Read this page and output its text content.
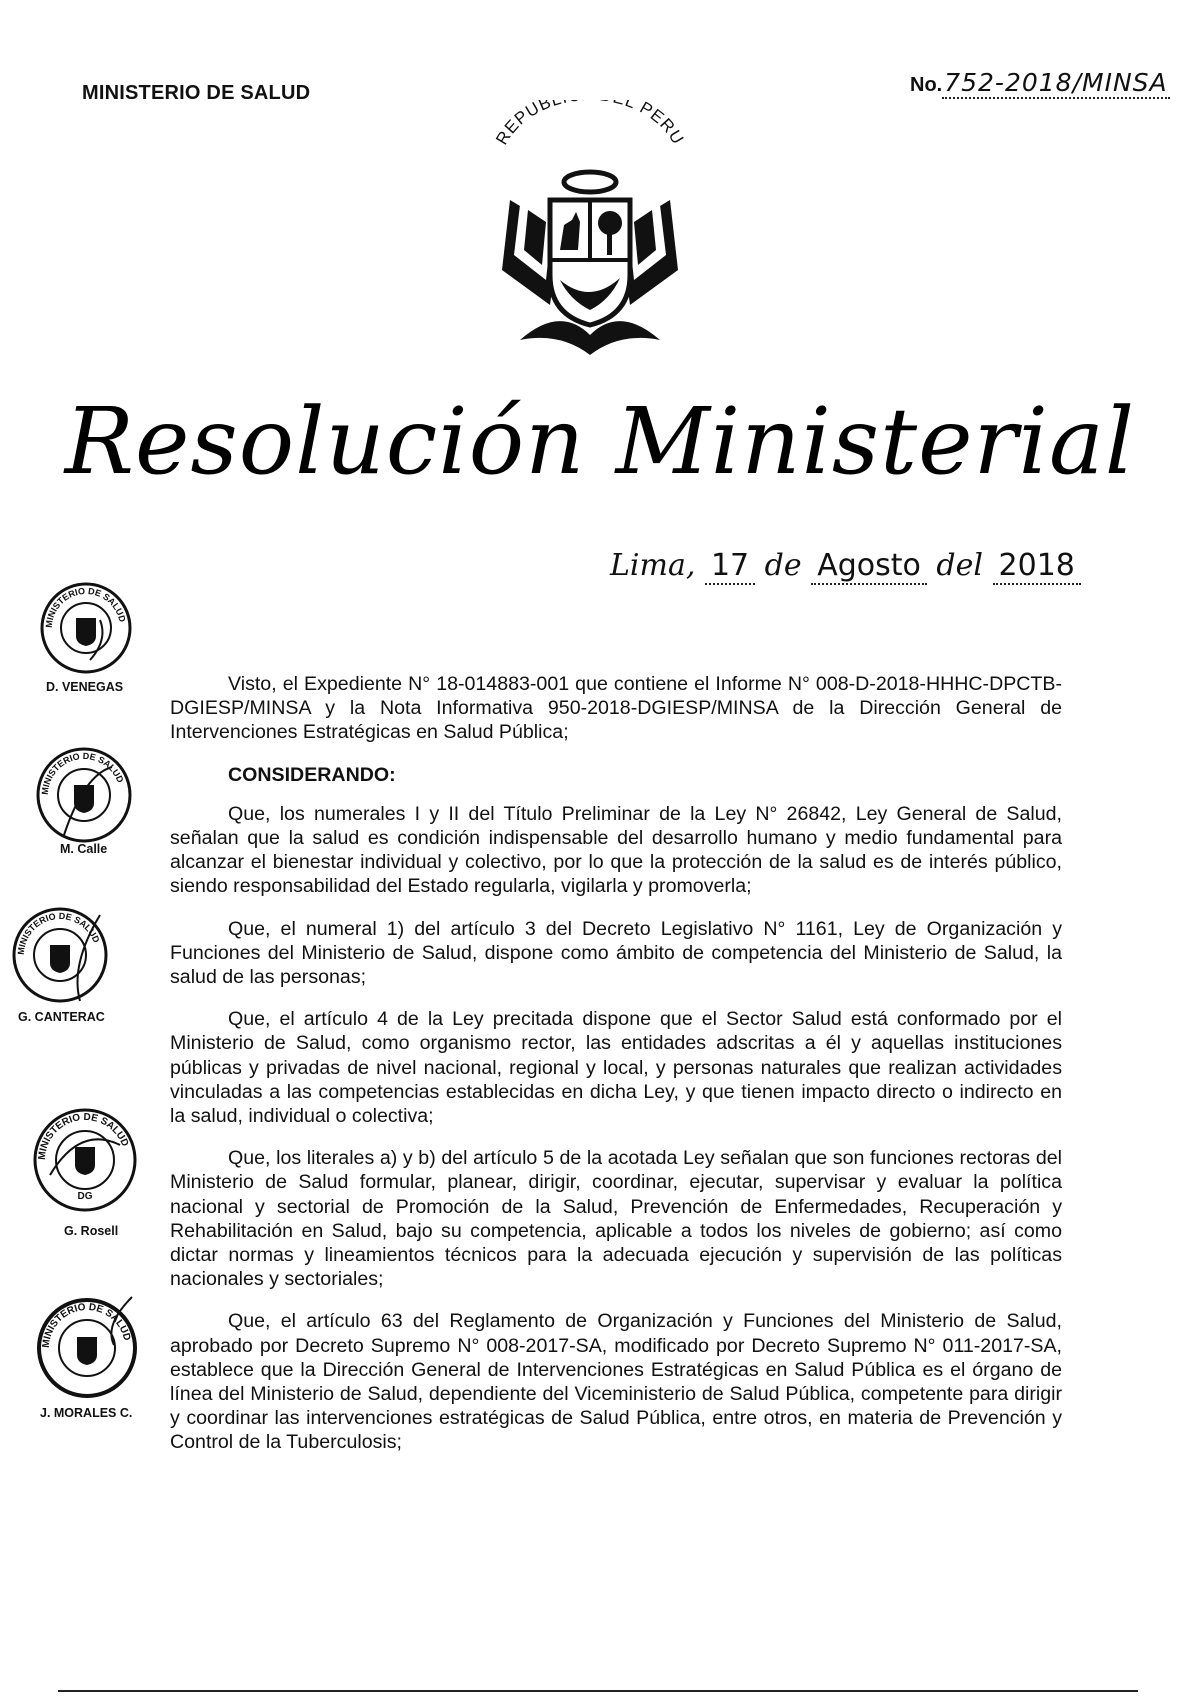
MINISTERIO DE SALUD	No.752-2018/MINSA
REPUB L PERU
Resolución Ministerial
Lima, 17 de Agosto del 2018
MINISTERIO DE SALUD
D. VENEGAS
MINISTERIO DE SALUD
M. Calle
MINISTERIO DE SALUD
G. CANTERAC
MINISTERIO DE SALUD
DG
G. Rosell
MINISTERIO DE SALUD
J. MORALES C.

Visto, el Expediente N° 18-014883-001 que contiene el Informe N° 008-D-2018-HHHC-DPCTB-DGIESP/MINSA y la Nota Informativa 950-2018-DGIESP/MINSA de la Dirección General de Intervenciones Estratégicas en Salud Pública;

CONSIDERANDO:

Que, los numerales I y II del Título Preliminar de la Ley N° 26842, Ley General de Salud, señalan que la salud es condición indispensable del desarrollo humano y medio fundamental para alcanzar el bienestar individual y colectivo, por lo que la protección de la salud es de interés público, siendo responsabilidad del Estado regularla, vigilarla y promoverla;

Que, el numeral 1) del artículo 3 del Decreto Legislativo N° 1161, Ley de Organización y Funciones del Ministerio de Salud, dispone como ámbito de competencia del Ministerio de Salud, la salud de las personas;

Que, el artículo 4 de la Ley precitada dispone que el Sector Salud está conformado por el Ministerio de Salud, como organismo rector, las entidades adscritas a él y aquellas instituciones públicas y privadas de nivel nacional, regional y local, y personas naturales que realizan actividades vinculadas a las competencias establecidas en dicha Ley, y que tienen impacto directo o indirecto en la salud, individual o colectiva;

Que, los literales a) y b) del artículo 5 de la acotada Ley señalan que son funciones rectoras del Ministerio de Salud formular, planear, dirigir, coordinar, ejecutar, supervisar y evaluar la política nacional y sectorial de Promoción de la Salud, Prevención de Enfermedades, Recuperación y Rehabilitación en Salud, bajo su competencia, aplicable a todos los niveles de gobierno; así como dictar normas y lineamientos técnicos para la adecuada ejecución y supervisión de las políticas nacionales y sectoriales;

Que, el artículo 63 del Reglamento de Organización y Funciones del Ministerio de Salud, aprobado por Decreto Supremo N° 008-2017-SA, modificado por Decreto Supremo N° 011-2017-SA, establece que la Dirección General de Intervenciones Estratégicas en Salud Pública es el órgano de línea del Ministerio de Salud, dependiente del Viceministerio de Salud Pública, competente para dirigir y coordinar las intervenciones estratégicas de Salud Pública, entre otros, en materia de Prevención y Control de la Tuberculosis;
